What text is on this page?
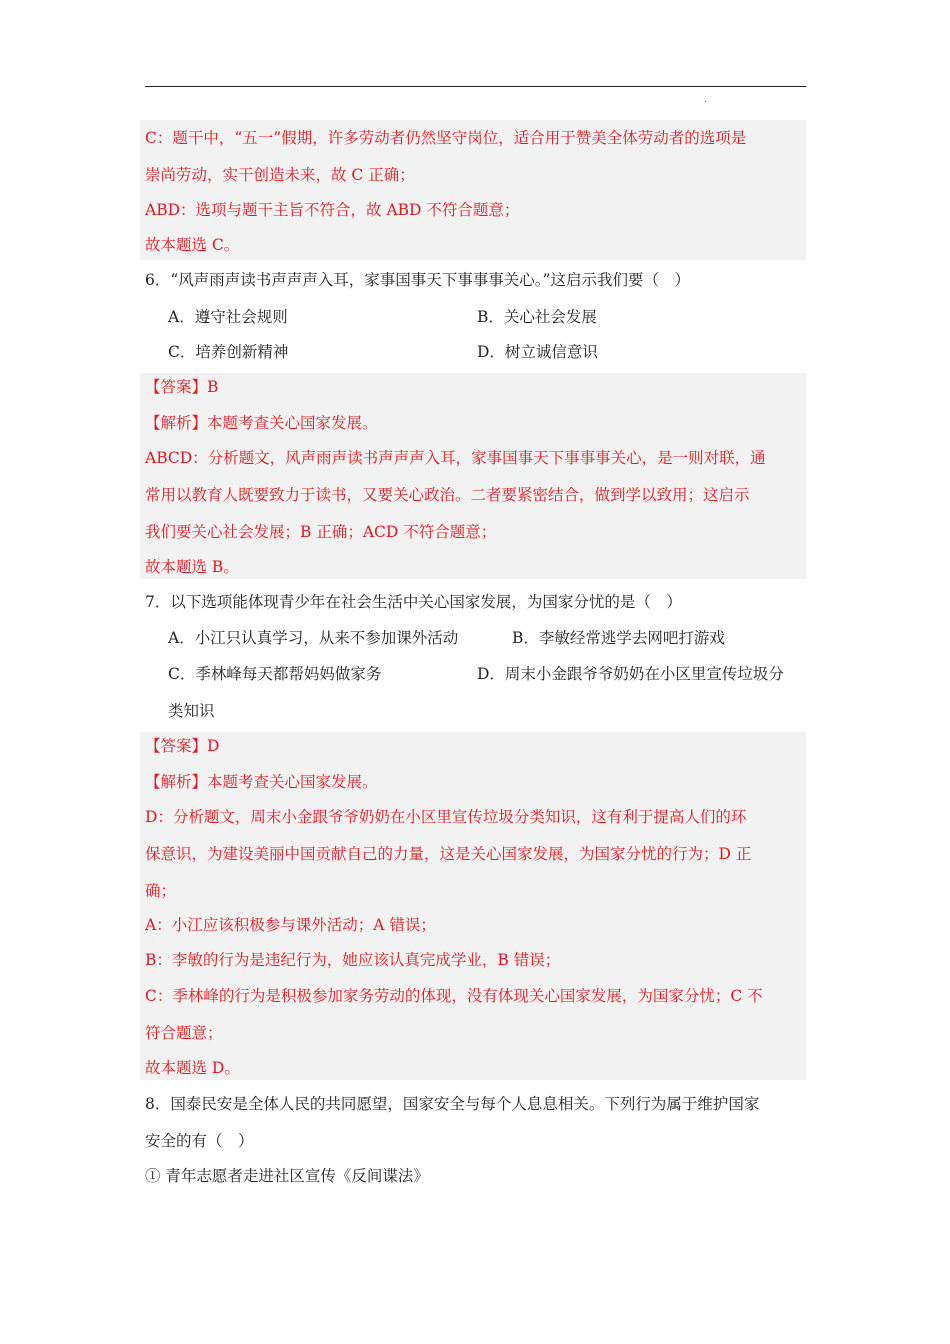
.
C：题干中，“五一”假期，许多劳动者仍然坚守岗位，适合用于赞美全体劳动者的选项是
崇尚劳动，实干创造未来，故 C 正确；
ABD：选项与题干主旨不符合，故 ABD 不符合题意；
故本题选 C。
6．“风声雨声读书声声声入耳，家事国事天下事事事关心。”这启示我们要（　）
A．遵守社会规则	B．关心社会发展
C．培养创新精神	D．树立诚信意识
【答案】B
【解析】本题考查关心国家发展。
ABCD：分析题文，风声雨声读书声声声入耳，家事国事天下事事事关心，是一则对联，通
常用以教育人既要致力于读书，又要关心政治。二者要紧密结合，做到学以致用；这启示
我们要关心社会发展；B 正确；ACD 不符合题意；
故本题选 B。
7．以下选项能体现青少年在社会生活中关心国家发展，为国家分忧的是（　）
A．小江只认真学习，从来不参加课外活动	B．李敏经常逃学去网吧打游戏
C．季林峰每天都帮妈妈做家务	D．周末小金跟爷爷奶奶在小区里宣传垃圾分
类知识
【答案】D
【解析】本题考查关心国家发展。
D：分析题文，周末小金跟爷爷奶奶在小区里宣传垃圾分类知识，这有利于提高人们的环
保意识，为建设美丽中国贡献自己的力量，这是关心国家发展，为国家分忧的行为；D 正
确；
A：小江应该积极参与课外活动；A 错误；
B：李敏的行为是违纪行为，她应该认真完成学业，B 错误；
C：季林峰的行为是积极参加家务劳动的体现，没有体现关心国家发展，为国家分忧；C 不
符合题意；
故本题选 D。
8．国泰民安是全体人民的共同愿望，国家安全与每个人息息相关。下列行为属于维护国家
安全的有（　）
① 青年志愿者走进社区宣传《反间谍法》
